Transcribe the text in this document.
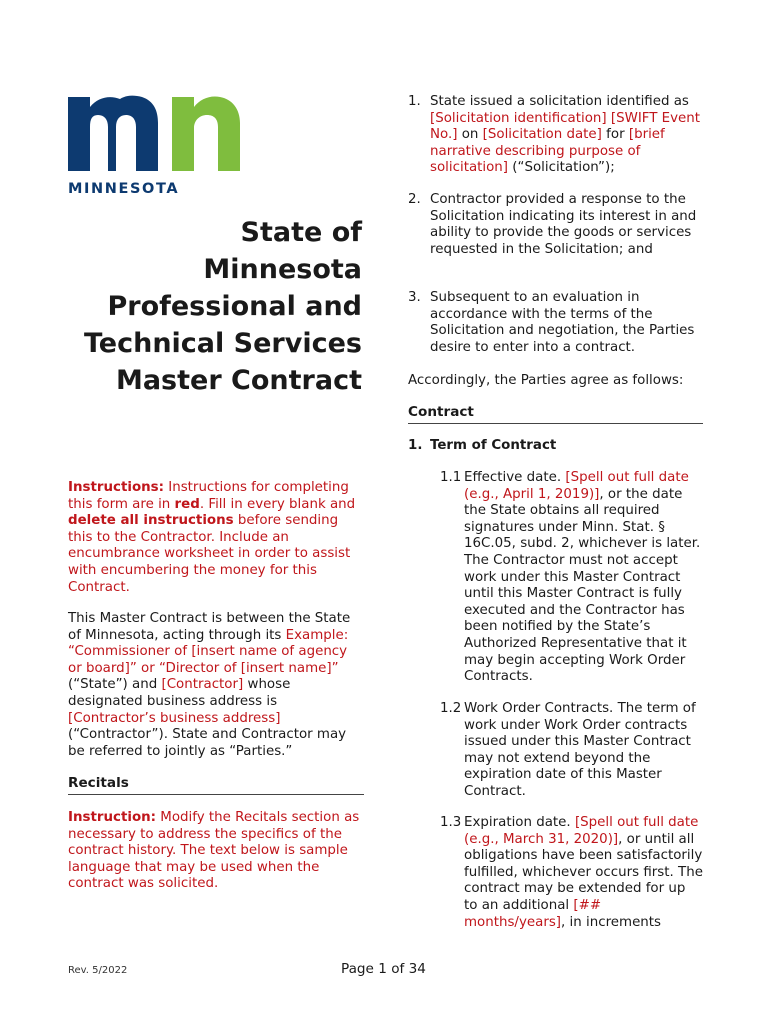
MINNESOTA
State of
Minnesota
Professional and
Technical Services
Master Contract

Instructions: Instructions for completing this form are in red. Fill in every blank and delete all instructions before sending this to the Contractor. Include an encumbrance worksheet in order to assist with encumbering the money for this Contract.

This Master Contract is between the State of Minnesota, acting through its Example: “Commissioner of [insert name of agency or board]” or “Director of [insert name]” (“State”) and [Contractor] whose designated business address is [Contractor’s business address] (“Contractor”). State and Contractor may be referred to jointly as “Parties.”

Recitals

Instruction: Modify the Recitals section as necessary to address the specifics of the contract history. The text below is sample language that may be used when the contract was solicited.

1. State issued a solicitation identified as [Solicitation identification] [SWIFT Event No.] on [Solicitation date] for [brief narrative describing purpose of solicitation] (“Solicitation”);
2. Contractor provided a response to the Solicitation indicating its interest in and ability to provide the goods or services requested in the Solicitation; and
3. Subsequent to an evaluation in accordance with the terms of the Solicitation and negotiation, the Parties desire to enter into a contract.
Accordingly, the Parties agree as follows:

Contract

1. Term of Contract
1.1 Effective date. [Spell out full date (e.g., April 1, 2019)], or the date the State obtains all required signatures under Minn. Stat. § 16C.05, subd. 2, whichever is later. The Contractor must not accept work under this Master Contract until this Master Contract is fully executed and the Contractor has been notified by the State’s Authorized Representative that it may begin accepting Work Order Contracts.
1.2 Work Order Contracts. The term of work under Work Order contracts issued under this Master Contract may not extend beyond the expiration date of this Master Contract.
1.3 Expiration date. [Spell out full date (e.g., March 31, 2020)], or until all obligations have been satisfactorily fulfilled, whichever occurs first. The contract may be extended for up to an additional [## months/years], in increments
Rev. 5/2022	Page 1 of 34
